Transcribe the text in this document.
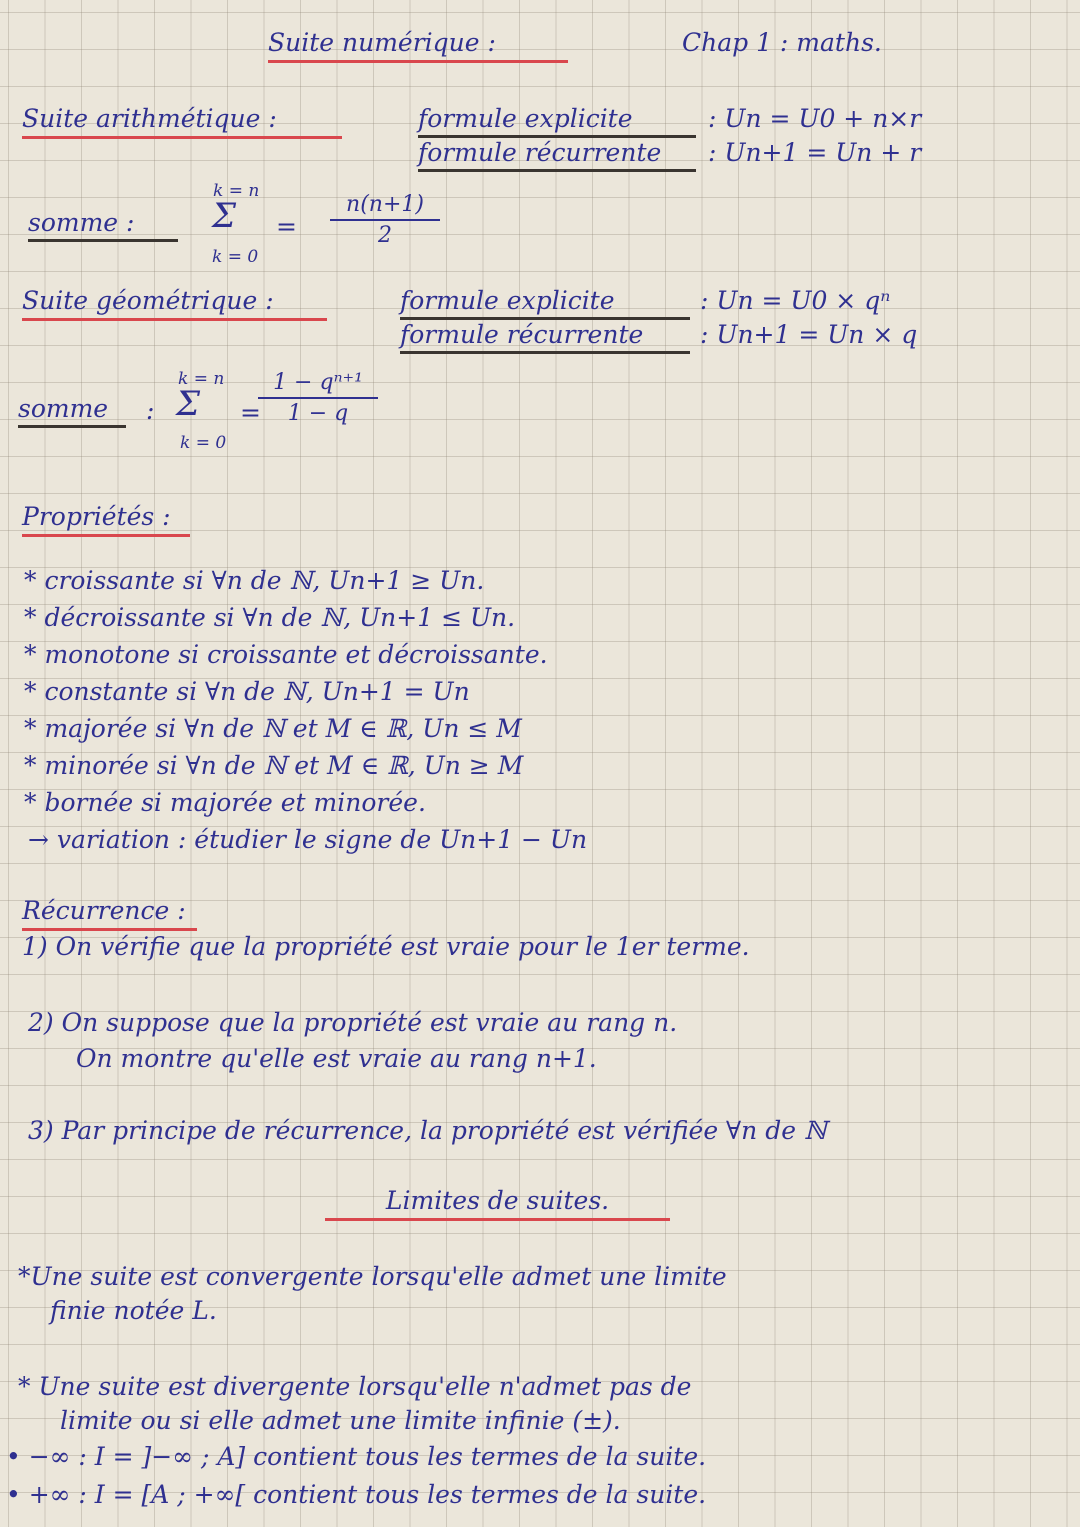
Suite numérique :	Chap 1 : maths.
Suite arithmétique :	formule explicite	: Un = U0 + n×r
formule récurrente	: Un+1 = Un + r
somme :
k = n
Σ
k = 0
=
n(n+1)
2
Suite géométrique :	formule explicite	: Un = U0 × qⁿ
formule récurrente	: Un+1 = Un × q
somme	:
k = n
Σ
k = 0
=
1 − qⁿ⁺¹
1 − q
Propriétés :
* croissante si ∀n de ℕ, Un+1 ≥ Un.
* décroissante si ∀n de ℕ, Un+1 ≤ Un.
* monotone si croissante et décroissante.
* constante si ∀n de ℕ, Un+1 = Un
* majorée si ∀n de ℕ et M ∈ ℝ, Un ≤ M
* minorée si ∀n de ℕ et M ∈ ℝ, Un ≥ M
* bornée si majorée et minorée.
→ variation : étudier le signe de Un+1 − Un
Récurrence :
1) On vérifie que la propriété est vraie pour le 1er terme.
2) On suppose que la propriété est vraie au rang n.
On montre qu'elle est vraie au rang n+1.
3) Par principe de récurrence, la propriété est vérifiée ∀n de ℕ
Limites de suites.
*Une suite est convergente lorsqu'elle admet une limite
finie notée L.
* Une suite est divergente lorsqu'elle n'admet pas de
limite ou si elle admet une limite infinie (±).
• −∞ : I = ]−∞ ; A] contient tous les termes de la suite.
• +∞ : I = [A ; +∞[ contient tous les termes de la suite.
